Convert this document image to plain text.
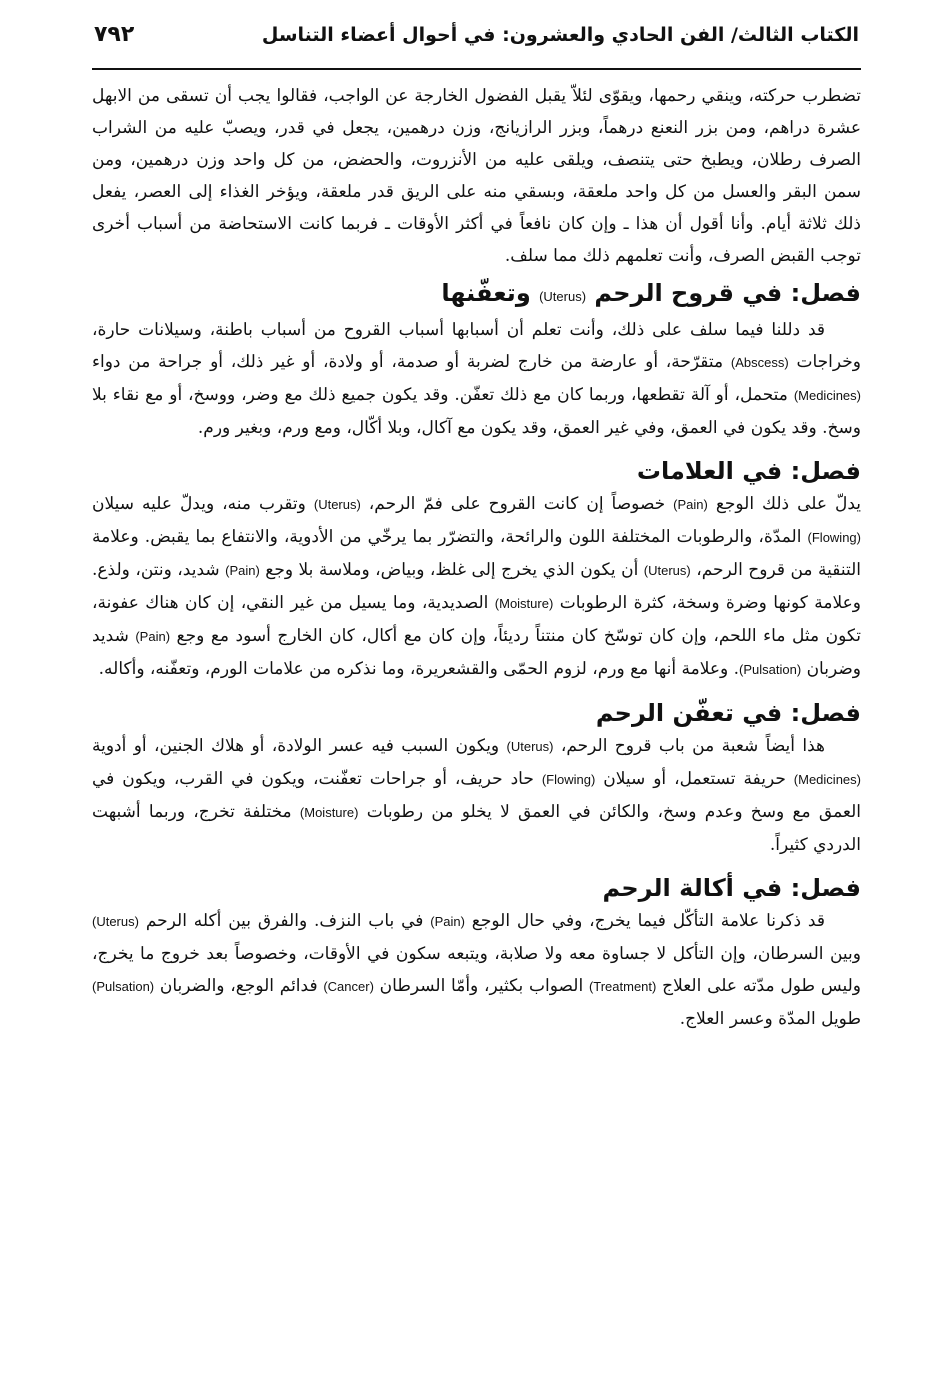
الكتاب الثالث/ الفن الحادي والعشرون: في أحوال أعضاء التناسل
٧٩٢

تضطرب حركته، وينقي رحمها، ويقوّى لئلاّ يقبل الفضول الخارجة عن الواجب، فقالوا يجب أن تسقى من الابهل عشرة دراهم، ومن بزر النعنع درهماً، وبزر الرازيانج، وزن درهمين، يجعل في قدر، ويصبّ عليه من الشراب الصرف رطلان، ويطبخ حتى يتنصف، ويلقى عليه من الأنزروت، والحضض، من كل واحد وزن درهمين، ومن سمن البقر والعسل من كل واحد ملعقة، وبسقي منه على الريق قدر ملعقة، ويؤخر الغذاء إلى العصر، يفعل ذلك ثلاثة أيام. وأنا أقول أن هذا ـ وإن كان نافعاً في أكثر الأوقات ـ فربما كانت الاستحاضة من أسباب أخرى توجب القبض الصرف، وأنت تعلمهم ذلك مما سلف.

فصل: في قروح الرحم (Uterus) وتعفّنها

قد دللنا فيما سلف على ذلك، وأنت تعلم أن أسبابها أسباب القروح من أسباب باطنة، وسيلانات حارة، وخراجات (Abscess) متقرّحة، أو عارضة من خارج لضربة أو صدمة، أو ولادة، أو غير ذلك، أو جراحة من دواء (Medicines) متحمل، أو آلة تقطعها، وربما كان مع ذلك تعفّن. وقد يكون جميع ذلك مع وضر، ووسخ، أو مع نقاء بلا وسخ. وقد يكون في العمق، وفي غير العمق، وقد يكون مع آكال، وبلا أكّال، ومع ورم، وبغير ورم.

فصل: في العلامات

يدلّ على ذلك الوجع (Pain) خصوصاً إن كانت القروح على فمّ الرحم، (Uterus) وتقرب منه، ويدلّ عليه سيلان (Flowing) المدّة، والرطوبات المختلفة اللون والرائحة، والتضرّر بما يرخّي من الأدوية، والانتفاع بما يقبض. وعلامة التنقية من قروح الرحم، (Uterus) أن يكون الذي يخرج إلى غلظ، وبياض، وملاسة بلا وجع (Pain) شديد، ونتن، ولذع. وعلامة كونها وضرة وسخة، كثرة الرطوبات (Moisture) الصديدية، وما يسيل من غير النقي، إن كان هناك عفونة، تكون مثل ماء اللحم، وإن كان توسّخ كان منتناً رديئاً، وإن كان مع أكال، كان الخارج أسود مع وجع (Pain) شديد وضربان (Pulsation). وعلامة أنها مع ورم، لزوم الحمّى والقشعريرة، وما نذكره من علامات الورم، وتعفّنه، وأكاله.

فصل: في تعفّن الرحم

هذا أيضاً شعبة من باب قروح الرحم، (Uterus) ويكون السبب فيه عسر الولادة، أو هلاك الجنين، أو أدوية (Medicines) حريفة تستعمل، أو سيلان (Flowing) حاد حريف، أو جراحات تعفّنت، ويكون في القرب، ويكون في العمق مع وسخ وعدم وسخ، والكائن في العمق لا يخلو من رطوبات (Moisture) مختلفة تخرج، وربما أشبهت الدردي كثيراً.

فصل: في أكالة الرحم

قد ذكرنا علامة التأكّل فيما يخرج، وفي حال الوجع (Pain) في باب النزف. والفرق بين أكله الرحم (Uterus) وبين السرطان، وإن التأكل لا جساوة معه ولا صلابة، ويتبعه سكون في الأوقات، وخصوصاً بعد خروج ما يخرج، وليس طول مدّته على العلاج (Treatment) الصواب بكثير، وأمّا السرطان (Cancer) فدائم الوجع، والضربان (Pulsation) طويل المدّة وعسر العلاج.
